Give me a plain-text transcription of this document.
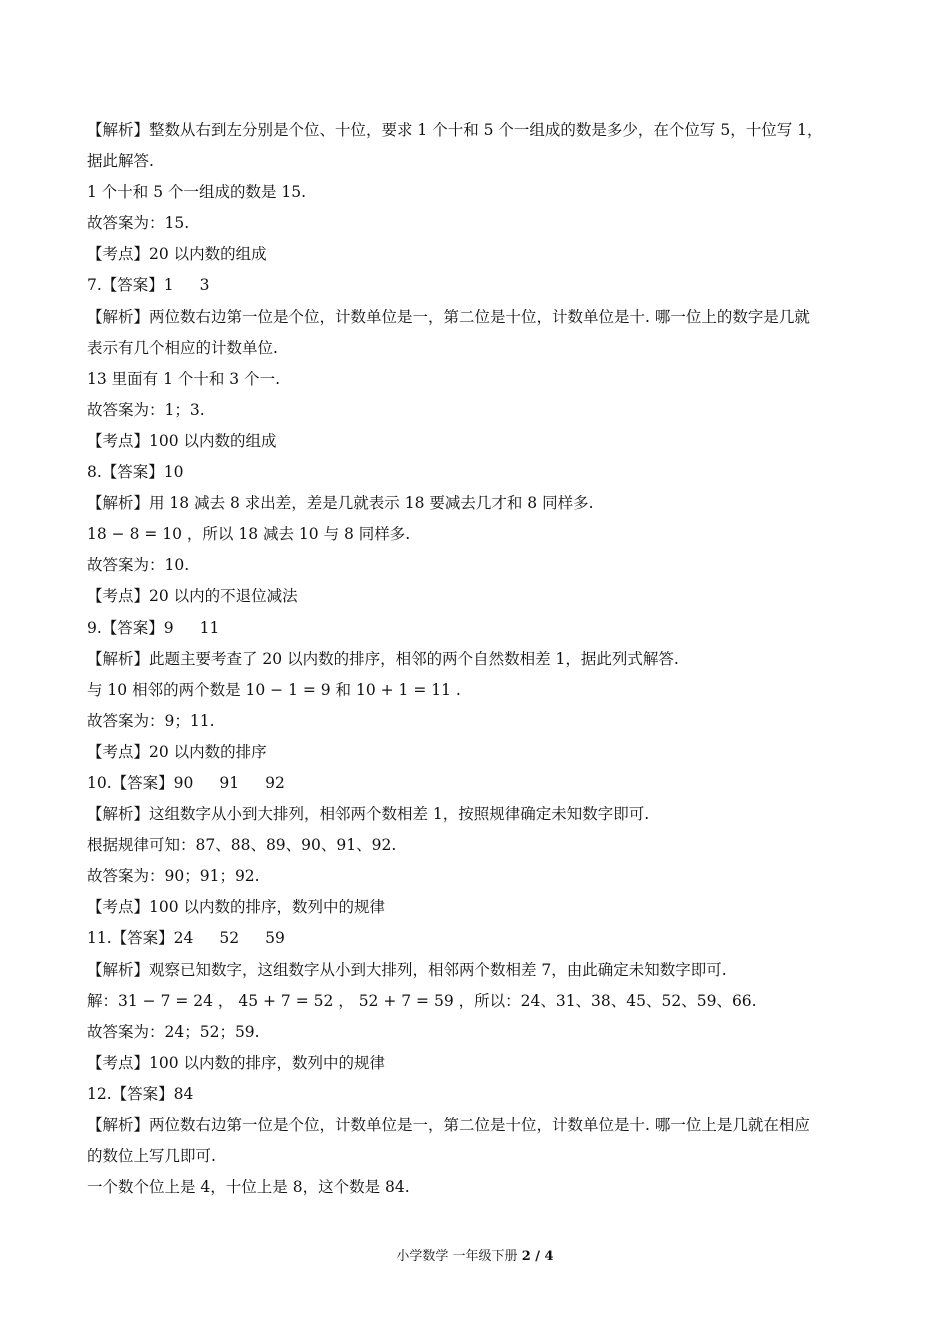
【解析】整数从右到左分别是个位、十位，要求 1 个十和 5 个一组成的数是多少，在个位写 5，十位写 1，
据此解答.
1 个十和 5 个一组成的数是 15.
故答案为：15.
【考点】20 以内数的组成
7.【答案】1 3
【解析】两位数右边第一位是个位，计数单位是一，第二位是十位，计数单位是十. 哪一位上的数字是几就
表示有几个相应的计数单位.
13 里面有 1 个十和 3 个一.
故答案为：1；3.
【考点】100 以内数的组成
8.【答案】10
【解析】用 18 减去 8 求出差，差是几就表示 18 要减去几才和 8 同样多.
18 − 8 = 10 ，所以 18 减去 10 与 8 同样多.
故答案为：10.
【考点】20 以内的不退位减法
9.【答案】9 11
【解析】此题主要考查了 20 以内数的排序，相邻的两个自然数相差 1，据此列式解答.
与 10 相邻的两个数是 10 − 1 = 9 和 10 + 1 = 11 .
故答案为：9；11.
【考点】20 以内数的排序
10.【答案】90 91 92
【解析】这组数字从小到大排列，相邻两个数相差 1，按照规律确定未知数字即可.
根据规律可知：87、88、89、90、91、92.
故答案为：90；91；92.
【考点】100 以内数的排序，数列中的规律
11.【答案】24 52 59
【解析】观察已知数字，这组数字从小到大排列，相邻两个数相差 7，由此确定未知数字即可.
解：31 − 7 = 24 ， 45 + 7 = 52 ， 52 + 7 = 59 ，所以：24、31、38、45、52、59、66.
故答案为：24；52；59.
【考点】100 以内数的排序，数列中的规律
12.【答案】84
【解析】两位数右边第一位是个位，计数单位是一，第二位是十位，计数单位是十. 哪一位上是几就在相应
的数位上写几即可.
一个数个位上是 4，十位上是 8，这个数是 84.
小学数学 一年级下册 2 / 4
